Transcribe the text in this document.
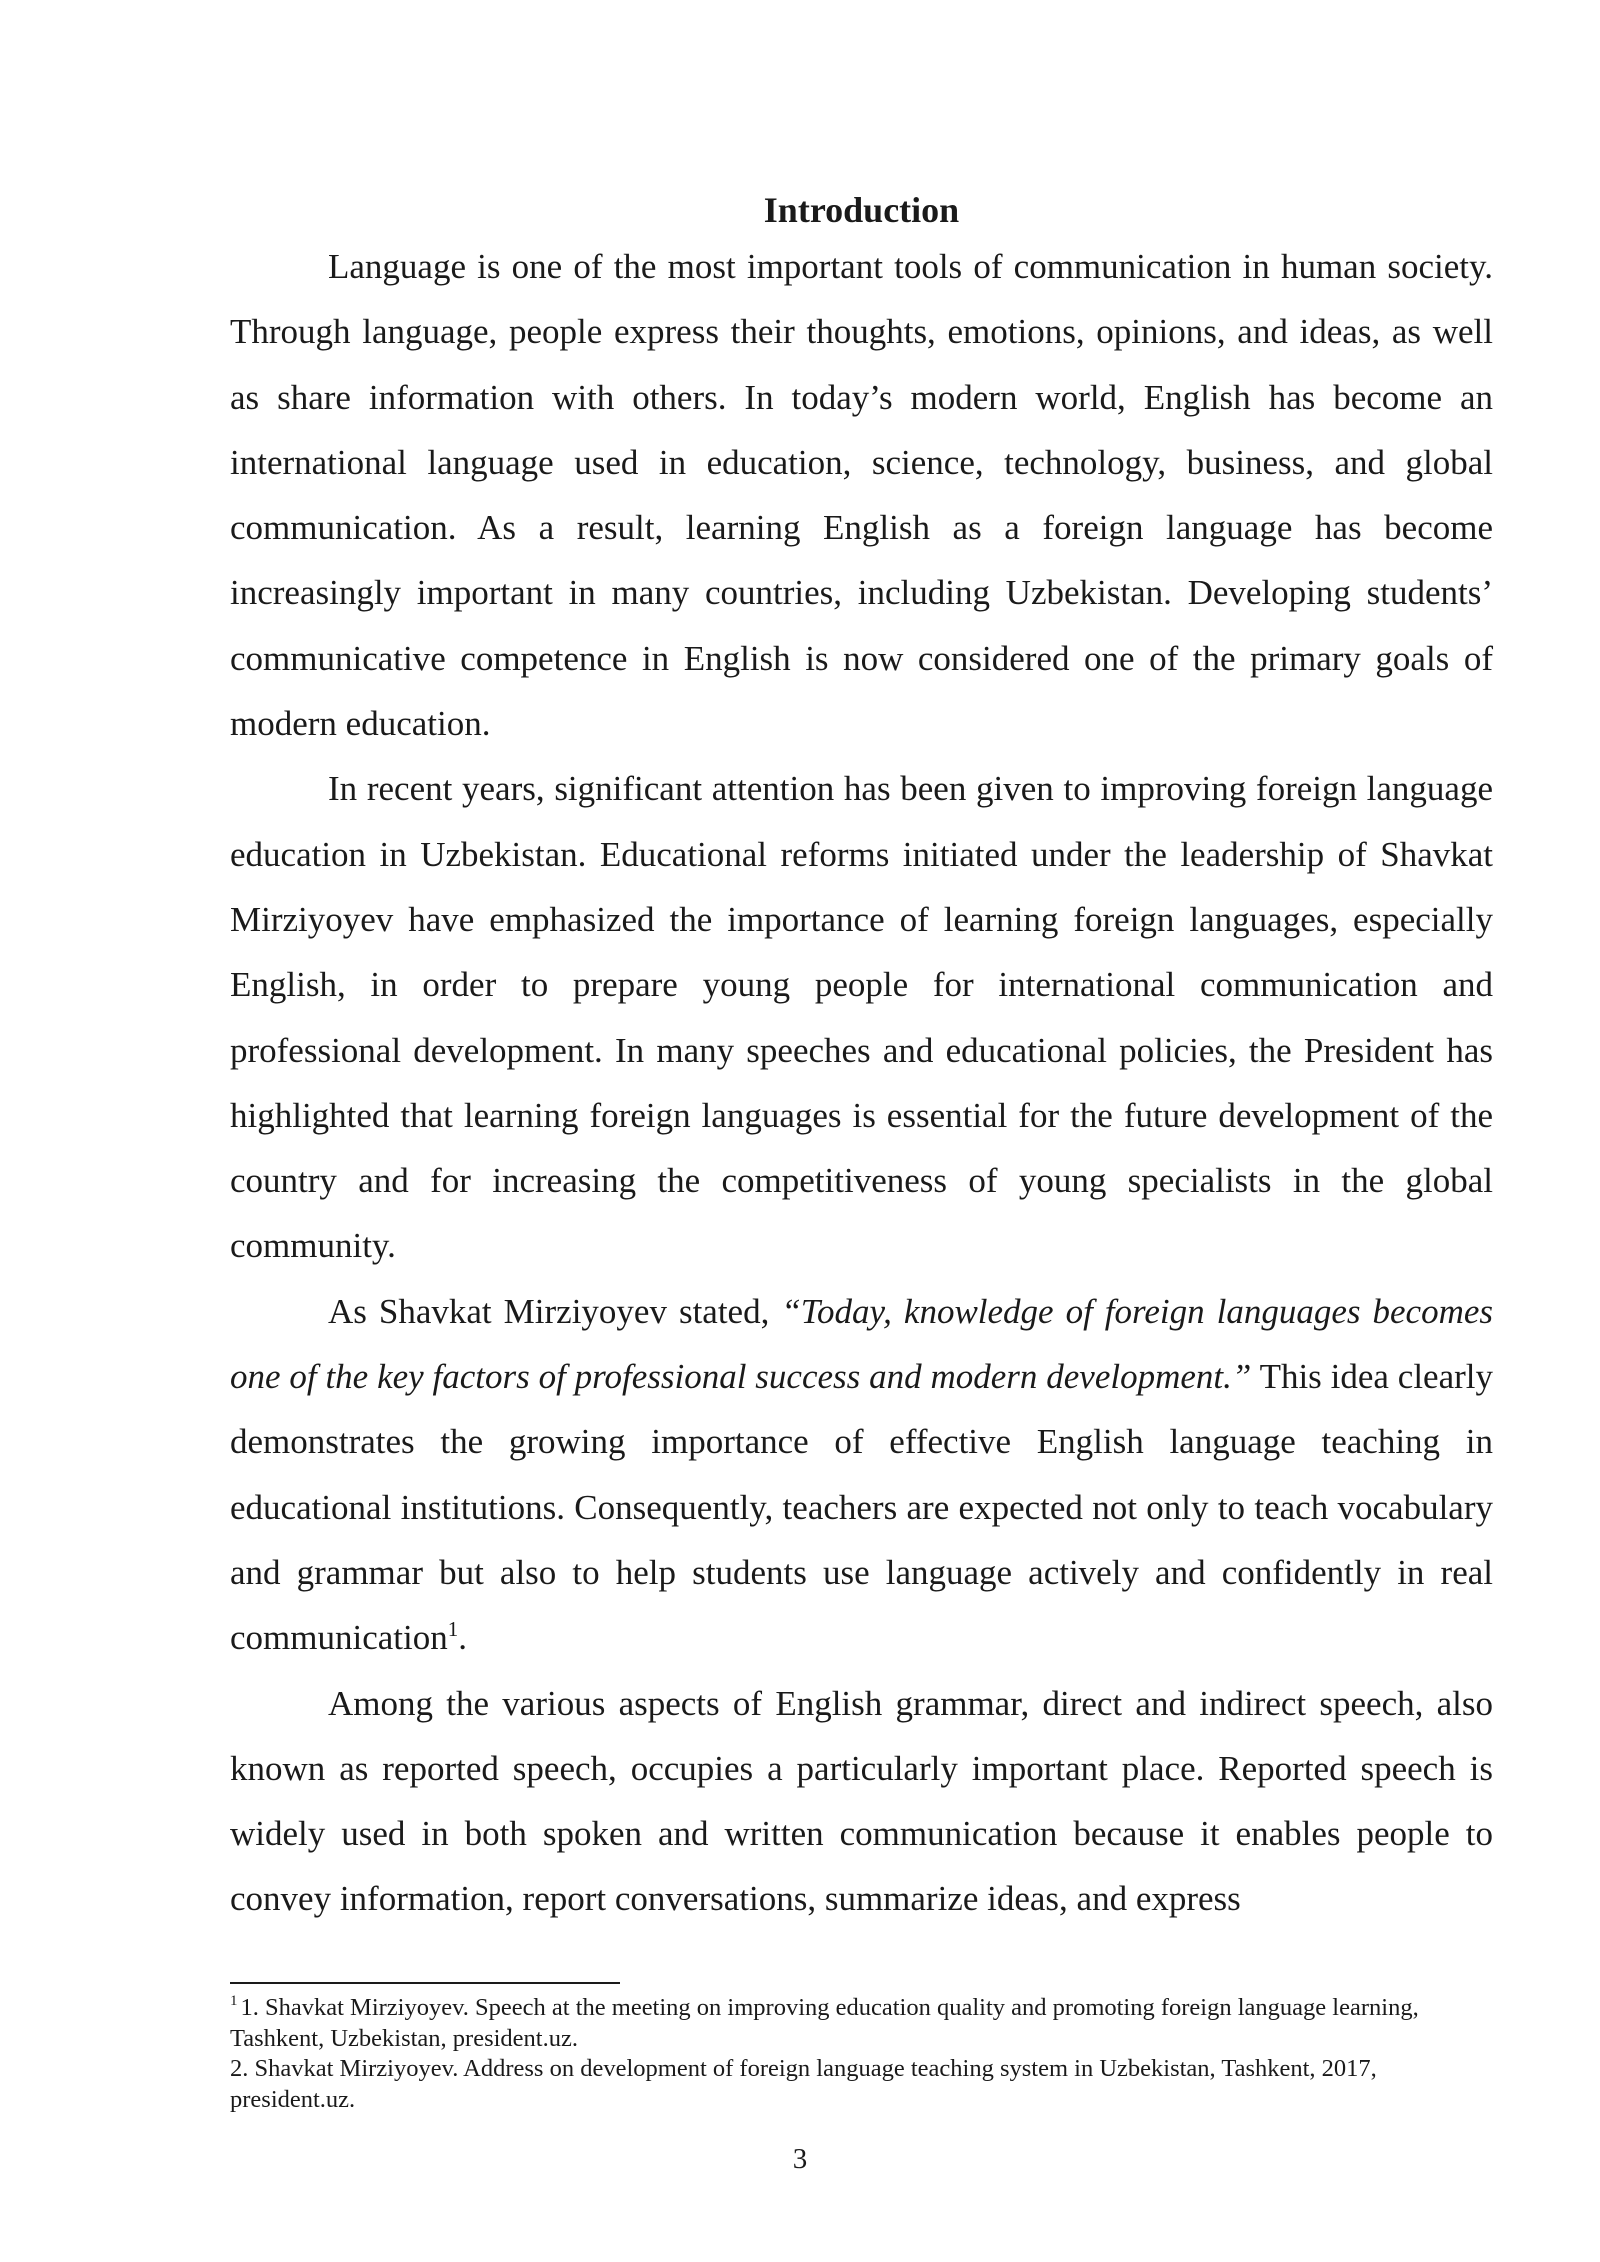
Introduction

Language is one of the most important tools of communication in human society. Through language, people express their thoughts, emotions, opinions, and ideas, as well as share information with others. In today’s modern world, English has become an international language used in education, science, technology, business, and global communication. As a result, learning English as a foreign language has become increasingly important in many countries, including Uzbekistan. Developing students’ communicative competence in English is now considered one of the primary goals of modern education.

In recent years, significant attention has been given to improving foreign language education in Uzbekistan. Educational reforms initiated under the leadership of Shavkat Mirziyoyev have emphasized the importance of learning foreign languages, especially English, in order to prepare young people for international communication and professional development. In many speeches and educational policies, the President has highlighted that learning foreign languages is essential for the future development of the country and for increasing the competitiveness of young specialists in the global community.

As Shavkat Mirziyoyev stated, “Today, knowledge of foreign languages becomes one of the key factors of professional success and modern development.” This idea clearly demonstrates the growing importance of effective English language teaching in educational institutions. Consequently, teachers are expected not only to teach vocabulary and grammar but also to help students use language actively and confidently in real communication$^1$.

Among the various aspects of English grammar, direct and indirect speech, also known as reported speech, occupies a particularly important place. Reported speech is widely used in both spoken and written communication because it enables people to convey information, report conversations, summarize ideas, and express

$^1$ 1. Shavkat Mirziyoyev. Speech at the meeting on improving education quality and promoting foreign language learning, Tashkent, Uzbekistan, president.uz.

2. Shavkat Mirziyoyev. Address on development of foreign language teaching system in Uzbekistan, Tashkent, 2017, president.uz.

3
